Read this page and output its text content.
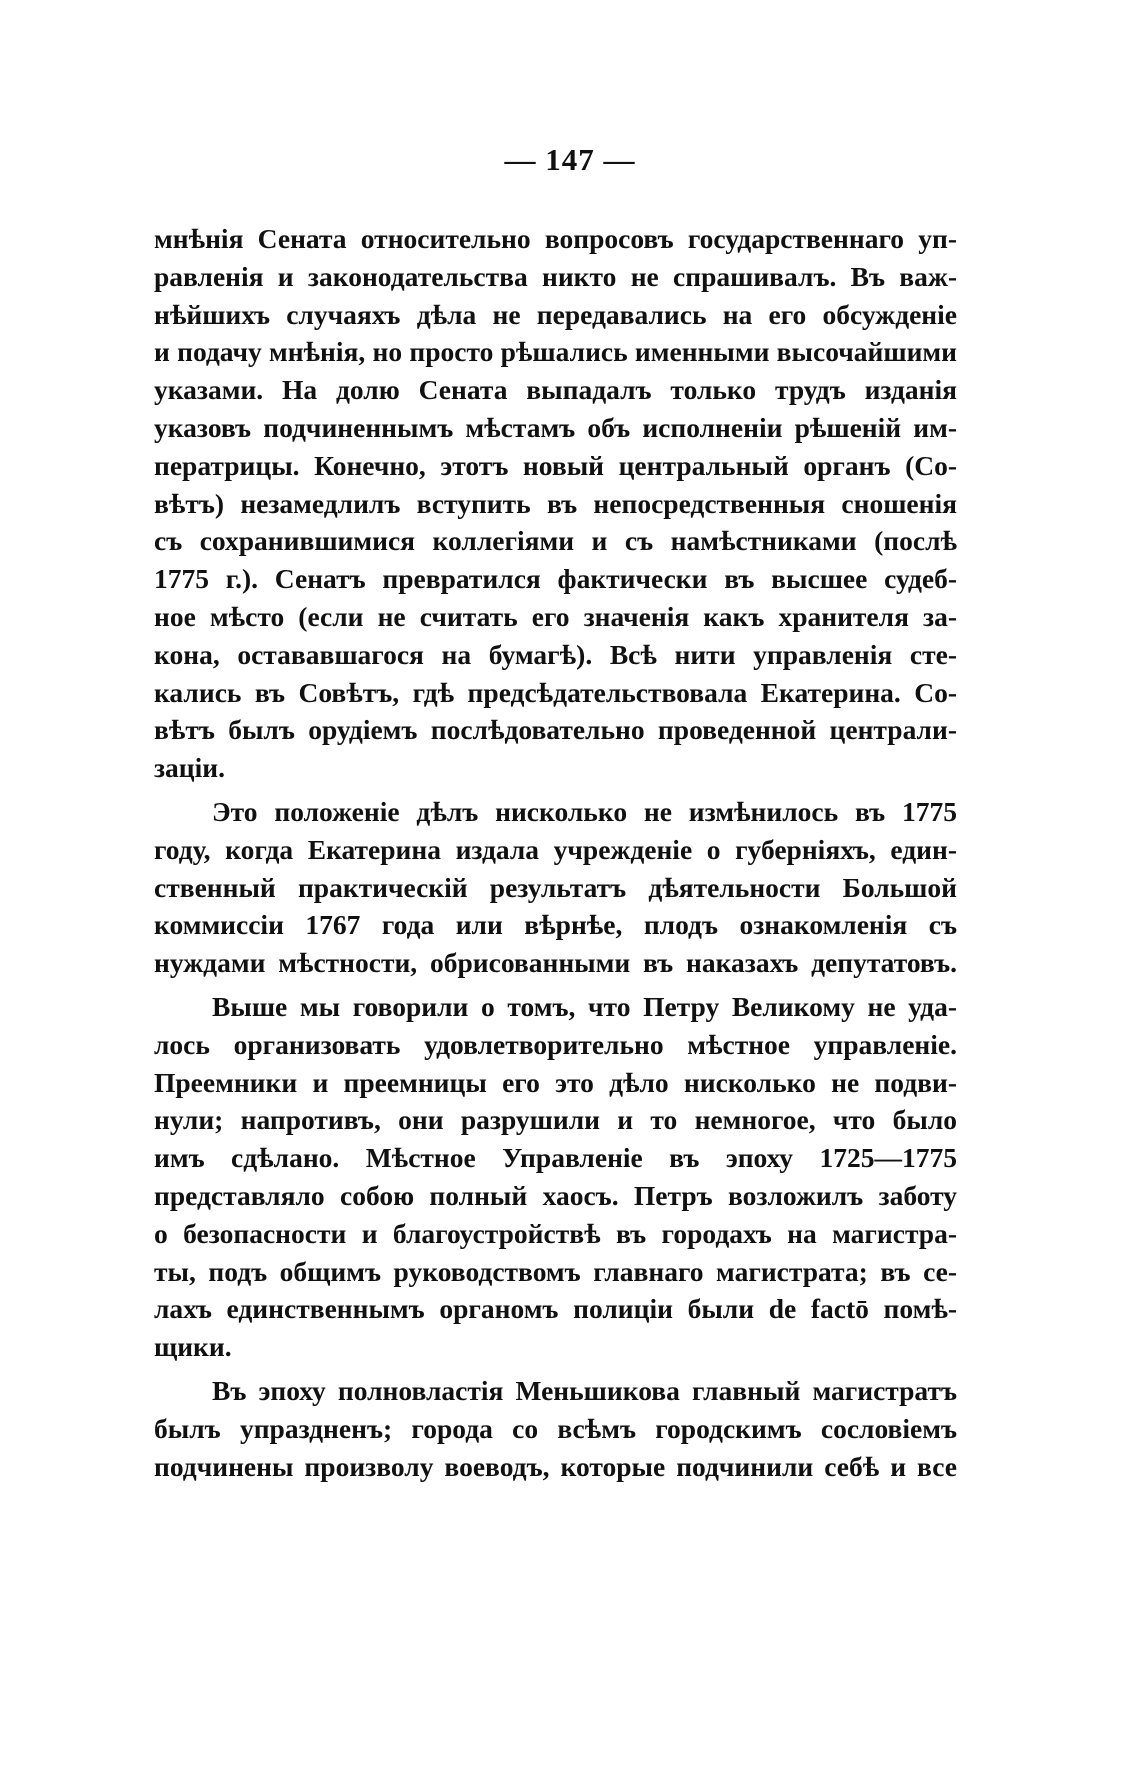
— 147 —
мнѣнія Сената относительно вопросовъ государственнаго уп-
равленія и законодательства никто не спрашивалъ. Въ важ-
нѣйшихъ случаяхъ дѣла не передавались на его обсужденіе
и подачу мнѣнія, но просто рѣшались именными высочайшими
указами. На долю Сената выпадалъ только трудъ изданія
указовъ подчиненнымъ мѣстамъ объ исполненіи рѣшеній им-
ператрицы. Конечно, этотъ новый центральный органъ (Со-
вѣтъ) незамедлилъ вступить въ непосредственныя сношенія
съ сохранившимися коллегіями и съ намѣстниками (послѣ
1775 г.). Сенатъ превратился фактически въ высшее судеб-
ное мѣсто (если не считать его значенія какъ хранителя за-
кона, остававшагося на бумагѣ). Всѣ нити управленія сте-
кались въ Совѣтъ, гдѣ предсѣдательствовала Екатерина. Со-
вѣтъ былъ орудіемъ послѣдовательно проведенной централи-
заціи.
Это положеніе дѣлъ нисколько не измѣнилось въ 1775
году, когда Екатерина издала учрежденіе о губерніяхъ, един-
ственный практическій результатъ дѣятельности Большой
коммиссіи 1767 года или вѣрнѣе, плодъ ознакомленія съ
нуждами мѣстности, обрисованными въ наказахъ депутатовъ.
Выше мы говорили о томъ, что Петру Великому не уда-
лось организовать удовлетворительно мѣстное управленіе.
Преемники и преемницы его это дѣло нисколько не подви-
нули; напротивъ, они разрушили и то немногое, что было
имъ сдѣлано. Мѣстное Управленіе въ эпоху 1725—1775
представляло собою полный хаосъ. Петръ возложилъ заботу
о безопасности и благоустройствѣ въ городахъ на магистра-
ты, подъ общимъ руководствомъ главнаго магистрата; въ се-
лахъ единственнымъ органомъ полиціи были de factō помѣ-
щики.
Въ эпоху полновластія Меньшикова главный магистратъ
былъ упраздненъ; города со всѣмъ городскимъ сословіемъ
подчинены произволу воеводъ, которые подчинили себѣ и все
